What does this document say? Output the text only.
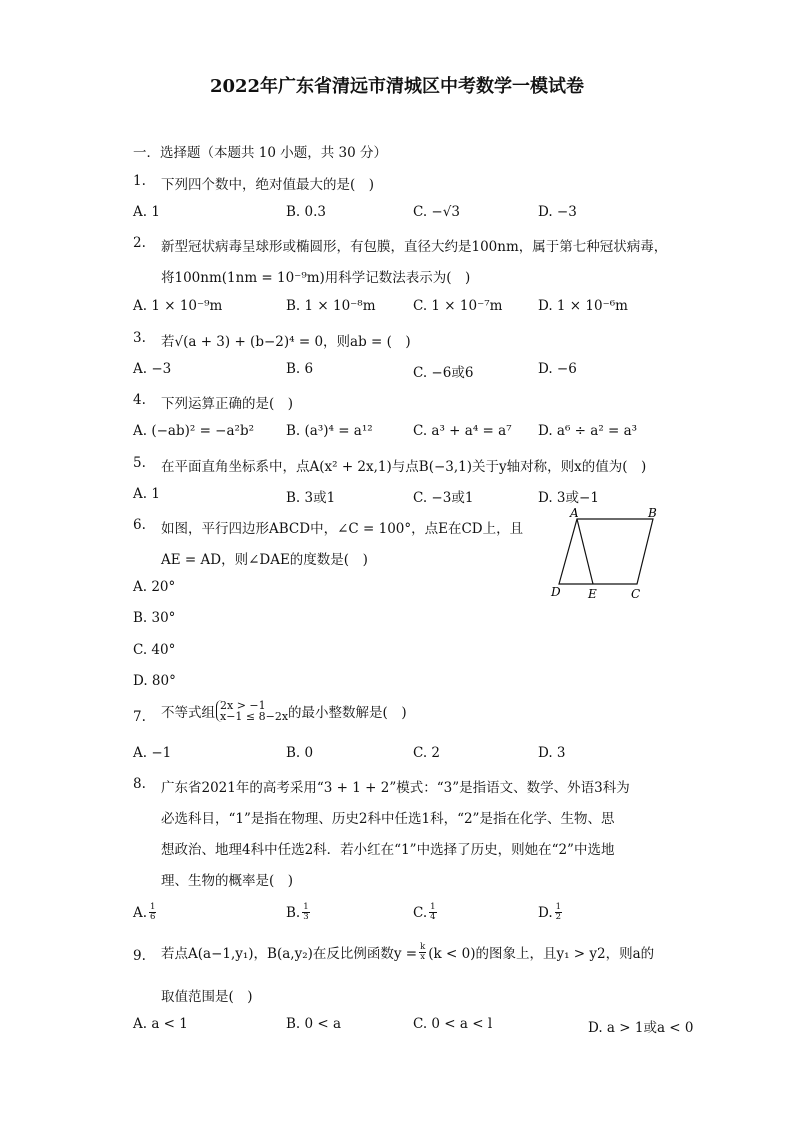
2022年广东省清远市清城区中考数学一模试卷
一．选择题（本题共 10 小题，共 30 分）
1. 下列四个数中，绝对值最大的是(　)
A. 1	B. 0.3	C. −√3	D. −3
2. 新型冠状病毒呈球形或椭圆形，有包膜，直径大约是100nm，属于第七种冠状病毒，
将100nm(1nm = 10⁻⁹m)用科学记数法表示为(　)
A. 1 × 10⁻⁹m	B. 1 × 10⁻⁸m	C. 1 × 10⁻⁷m	D. 1 × 10⁻⁶m
3. 若√(a + 3) + (b−2)⁴ = 0，则ab = (　)
A. −3	B. 6	C. −6或6	D. −6
4. 下列运算正确的是(　)
A. (−ab)² = −a²b² B. (a³)⁴ = a¹²	C. a³ + a⁴ = a⁷ D. a⁶ ÷ a² = a³
5. 在平面直角坐标系中，点A(x² + 2x,1)与点B(−3,1)关于y轴对称，则x的值为(　)
A. 1	B. 3或1	C. −3或1	D. 3或−1
6. 如图，平行四边形ABCD中，∠C = 100°，点E在CD上，且
AE = AD，则∠DAE的度数是(　)
A. 20°
B. 30°
C. 40°
D. 80°
A	B
C
D E
7. 不等式组 2x > −1
x−1 ≤ 8−2x 的最小整数解是(　)
A. −1	B. 0	C. 2	D. 3
8. 广东省2021年的高考采用“3 + 1 + 2”模式：“3”是指语文、数学、外语3科为
必选科目，“1”是指在物理、历史2科中任选1科，“2”是指在化学、生物、思
想政治、地理4科中任选2科．若小红在“1”中选择了历史，则她在“2”中选地
理、生物的概率是(　)
A. $\frac{1}{6}$	B. $\frac{1}{3}$	C. $\frac{1}{4}$	D. $\frac{1}{2}$
9. 若点A(a−1,y₁)，B(a,y₂)在反比例函数$y = \frac{k}{x} (k < 0)$的图象上，且y₁ > y2，则a的
取值范围是(　)
A. a < 1	B. 0 < a	C. 0 < a < l	D. a > 1或a < 0
